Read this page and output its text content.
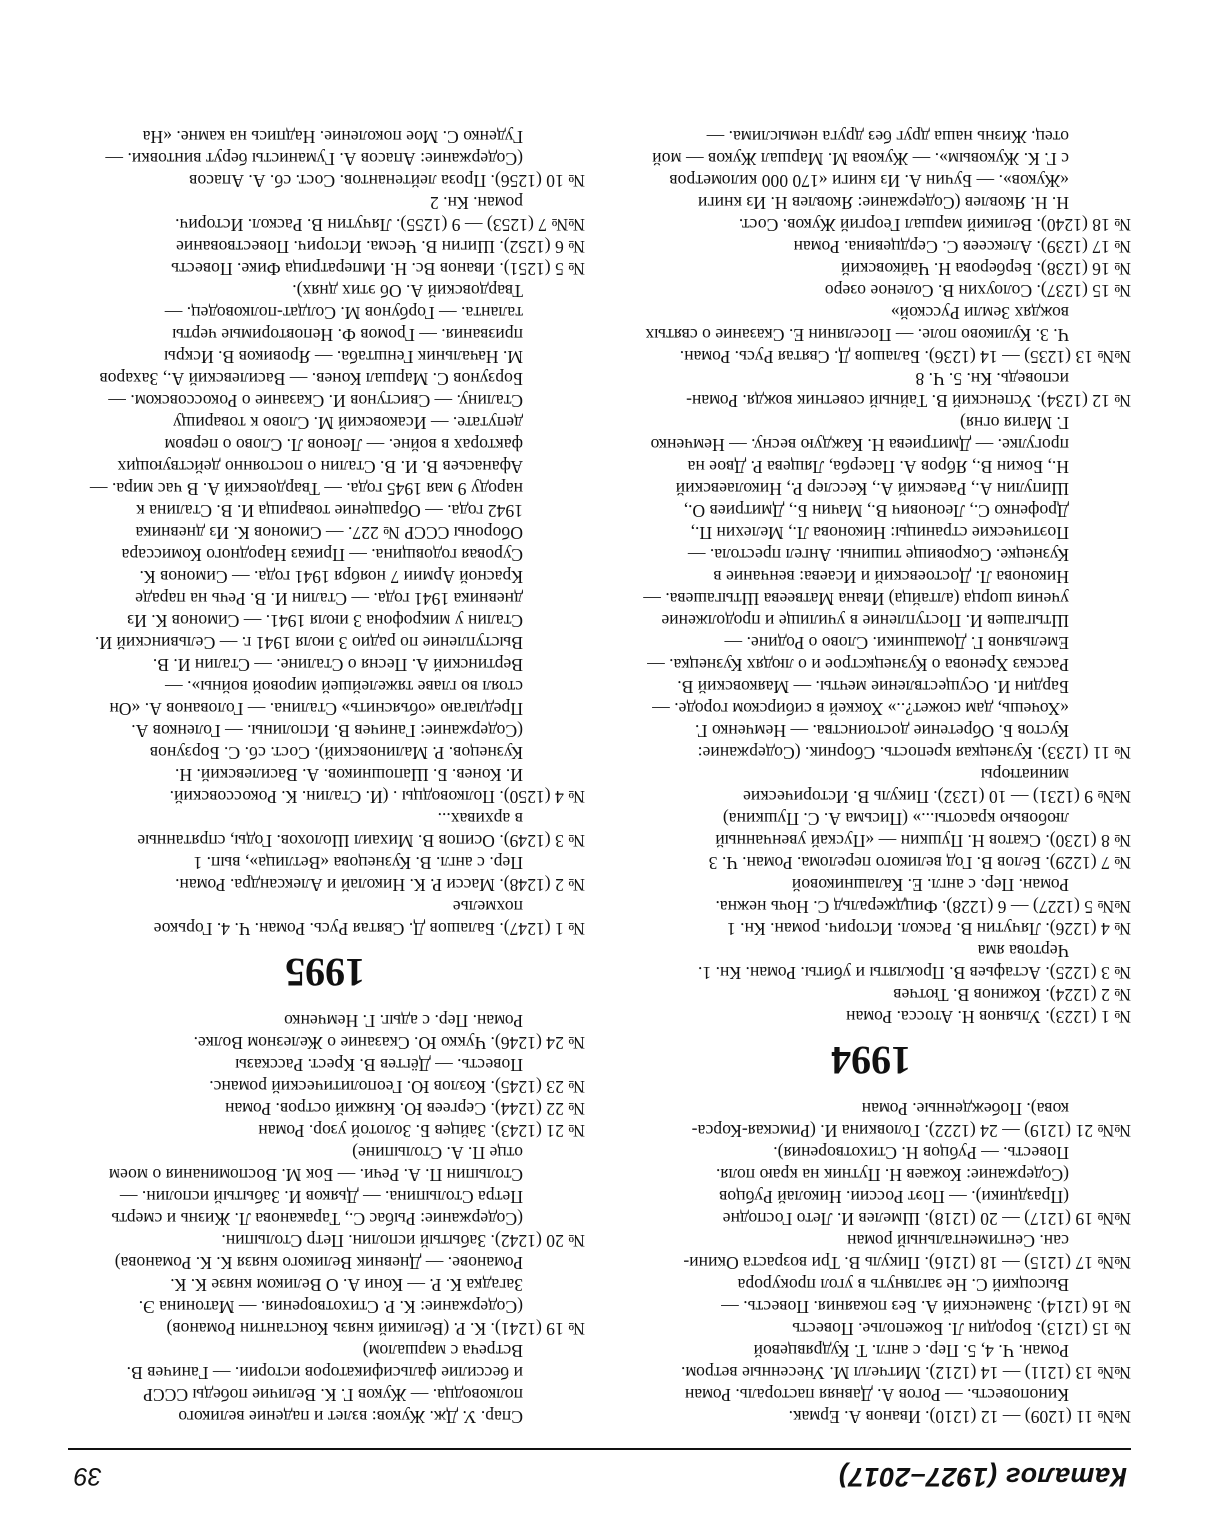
Каталог (1927–2017)
39

№№ 11 (1209) — 12 (1210). Иванов А. Ермак.

Киноповесть. — Рогов А. Давняя пастораль. Роман

№№ 13 (1211) — 14 (1212). Митчелл М. Унесенные ветром.

Роман. Ч. 4, 5. Пер. с англ. Т. Кудрявцевой

№ 15 (1213). Бородин Л. Божеполье. Повесть

№ 16 (1214). Знаменский А. Без покаяния. Повесть. —

Высоцкий С. Не заглянуть в угол прокурора

№№ 17 (1215) — 18 (1216). Пикуль В. Три возраста Окини-

сан. Сентиментальный роман

№№ 19 (1217) — 20 (1218). Шмелев И. Лето Господне

(Праздники). — Поэт России. Николай Рубцов

(Содержание: Кожаев Н. Путник на краю поля.

Повесть. — Рубцов Н. Стихотворения).

№№ 21 (1219) — 24 (1222). Головкина И. (Римская-Корса-

кова). Побежденные. Роман

1994

№ 1 (1223). Ульянов Н. Атосса. Роман

№ 2 (1224). Кожинов В. Тютчев

№ 3 (1225). Астафьев В. Прокляты и убиты. Роман. Кн. 1.

Чертова яма

№ 4 (1226). Лячутин В. Раскол. Историч. роман. Кн. 1

№№ 5 (1227) — 6 (1228). Фицджеральд С. Ночь нежна.

Роман. Пер. с англ. Е. Калашниковой

№ 7 (1229). Белов В. Год великого перелома. Роман. Ч. 3

№ 8 (1230). Скатов Н. Пушкин — «Пускай увенчанный

любовью красоты...» (Письма А. С. Пушкина)

№№ 9 (1231) — 10 (1232). Пикуль В. Исторические

миниатюры

№ 11 (1233). Кузнецкая крепость. Сборник. (Содержание:

Кустов Б. Обретение достоинства. — Немченко Г.

«Хочешь, дам сюжет?..» Хоккей в сибирском городе. —

Бардин И. Осуществление мечты. — Маяковский В.

Рассказ Хренова о Кузнецкстрое и о людях Кузнецка. —

Емельянов Г. Домашники. Слово о Родине. —

Штыгашев И. Поступление в училище и продолжение

учения шорца (алтайца) Ивана Матвеева Штыгашева. —

Никонова Л. Достоевский и Исаева: венчание в

Кузнецке. Сокровище тишины. Ангел престола. —

Поэтические страницы: Никонова Л., Мелехин П.,

Дрофенко С., Леонович В., Мачин Б., Дмитриев О.,

Шипулин А., Раевский А., Кесслер Р., Николаевский

Н., Бокин В., Ябров А. Пасерба, Лящева Р. Двое на

прогулке. — Дмитриева Н. Каждую весну. — Немченко

Г. Магия огня)

№ 12 (1234). Успенский В. Тайный советник вождя. Роман-

исповедь. Кн. 5. Ч. 8

№№ 13 (1235) — 14 (1236). Балашов Д. Святая Русь. Роман.

Ч. 3. Куликово поле. — Поселянин Е. Сказание о святых

вождях Земли Русской»

№ 15 (1237). Солоухин В. Соленое озеро

№ 16 (1238). Берберова Н. Чайковский

№ 17 (1239). Алексеев С. Сердцевина. Роман

№ 18 (1240). Великий маршал Георгий Жуков. Сост.

Н. Н. Яковлев (Содержание: Яковлев Н. Из книги

«Жуков». — Бучин А. Из книги «170 000 километров

с Г. К. Жуковым». — Жукова М. Маршал Жуков — мой

отец. Жизнь наша друг без друга немыслима. —

Спар. У. Дж. Жуков: взлет и падение великого

полководца. — Жуков Г. К. Величие победы СССР

и бессилие фальсификаторов истории. — Ганичев В.

Встреча с маршалом)

№ 19 (1241). К. Р. (Великий князь Константин Романов)

(Содержание: К. Р. Стихотворения. — Матонина Э.

Загадка К. Р. — Кони А. О Великом князе К. К.

Романове. — Дневник Великого князя К. К. Романова)

№ 20 (1242). Забытый исполин. Петр Столыпин.

(Содержание: Рыбас С., Тараканова Л. Жизнь и смерть

Петра Столыпина. — Дьяков И. Забытый исполин. —

Столыпин П. А. Речи. — Бок М. Воспоминания о моем

отце П. А. Столыпине)

№ 21 (1243). Зайцев Б. Золотой узор. Роман

№ 22 (1244). Сергеев Ю. Княжий остров. Роман

№ 23 (1245). Козлов Ю. Геополитический романс.

Повесть. — Дёгтев В. Крест. Рассказы

№ 24 (1246). Чукко Ю. Сказание о Железном Волке.

Роман. Пер. с адыг. Г. Немченко

1995

№ 1 (1247). Балашов Д. Святая Русь. Роман. Ч. 4. Горькое

похмелье

№ 2 (1248). Масси Р. К. Николай и Александра. Роман.

Пер. с англ. В. Кузнецова «Ветлица», вып. 1

№ 3 (1249). Осипов В. Михаил Шолохов. Годы, спрятанные

в архивах...

№ 4 (1250). Полководцы . (И. Сталин. К. Рокоссовский.

И. Конев. Б. Шапошников. А. Василевский. Н.

Кузнецов. Р. Малиновский). Сост. сб. С. Борзунов

(Содержание: Ганичев В. Исполины. — Голенков А.

Предлагаю «объяснить» Сталина. — Голованов А. «Он

стоял во главе тяжелейшей мировой войны». —

Вертинский А. Песня о Сталине. — Сталин И. В.

Выступление по радио 3 июля 1941 г. — Сельвинский И.

Сталин у микрофона 3 июля 1941. — Симонов К. Из

дневника 1941 года. — Сталин И. В. Речь на параде

Красной Армии 7 ноября 1941 года. — Симонов К.

Суровая годовщина. — Приказ Народного Комиссара

Обороны СССР № 227. — Симонов К. Из дневника

1942 года. — Обращение товарища И. В. Сталина к

народу 9 мая 1945 года. — Твардовский А. В час мира. —

Афанасьев В. И. В. Сталин о постоянно действующих

факторах в войне. — Леонов Л. Слово о первом

депутате. — Исаковский М. Слово к товарищу

Сталину. — Свистунов И. Сказание о Рокоссовском. —

Борзунов С. Маршал Конев. — Василевский А., Захаров

М. Начальник Генштаба. — Яровиков В. Искры

призвания. — Громов Ф. Неповторимые черты

таланта. — Горбунов М. Солдат-полководец. —

Твардовский А. Об этих днях).

№ 5 (1251). Иванов Вс. Н. Императрица Фике. Повесть

№ 6 (1252). Шигин В. Чесма. Историч. Повествование

№№ 7 (1253) — 9 (1255). Лячутин В. Раскол. Историч.

роман. Кн. 2

№ 10 (1256). Проза лейтенантов. Сост. сб. А. Апасов

(Содержание: Апасов А. Гуманисты берут винтовки. —

Гуденко С. Мое поколение. Надпись на камне. «На
